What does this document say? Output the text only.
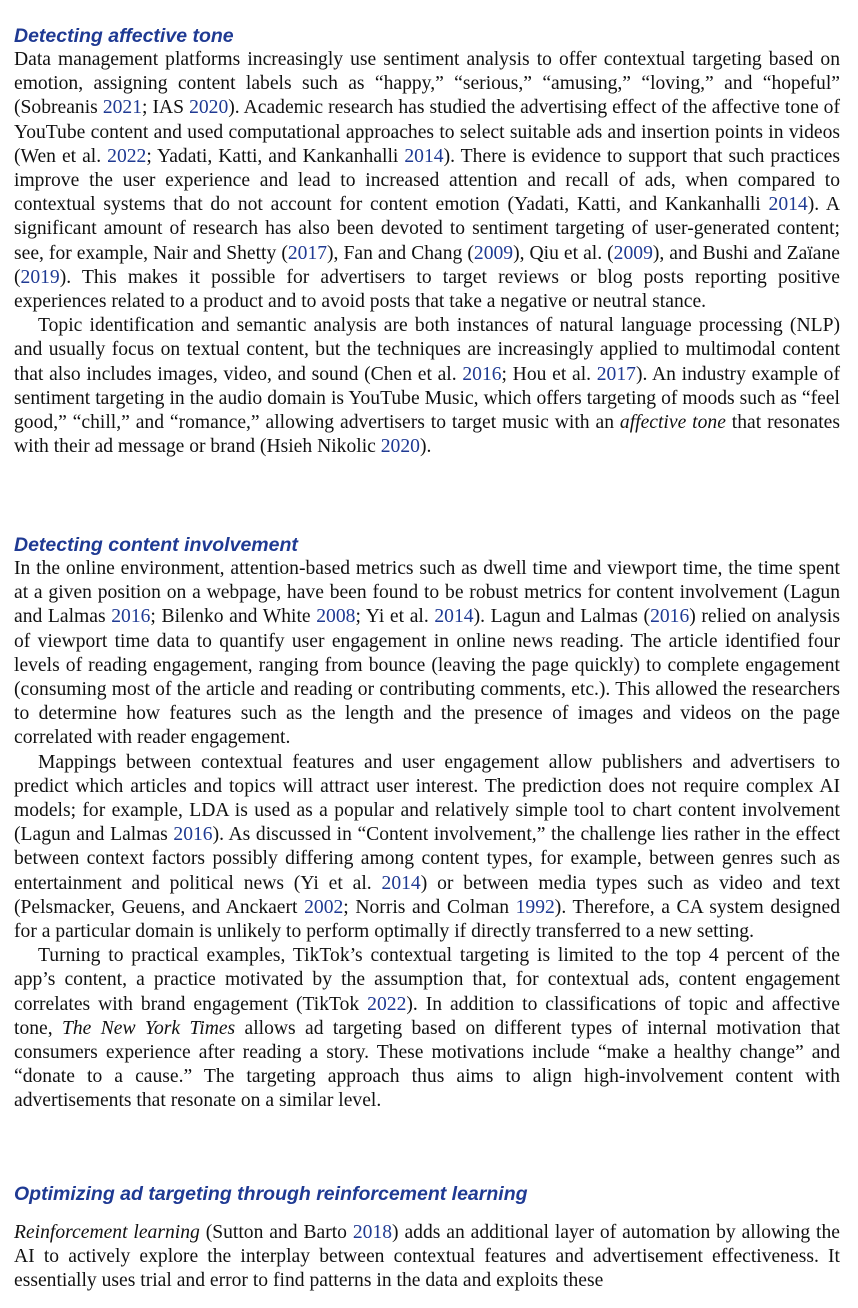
Detecting affective tone

Data management platforms increasingly use sentiment analysis to offer contextual targeting based on emotion, assigning content labels such as “happy,” “serious,” “amusing,” “loving,” and “hopeful” (Sobreanis 2021; IAS 2020). Academic research has studied the advertising effect of the affective tone of YouTube content and used computational approaches to select suitable ads and insertion points in videos (Wen et al. 2022; Yadati, Katti, and Kankanhalli 2014). There is evidence to support that such practices improve the user experience and lead to increased attention and recall of ads, when compared to contextual systems that do not account for content emotion (Yadati, Katti, and Kankanhalli 2014). A significant amount of research has also been devoted to sentiment targeting of user-generated content; see, for example, Nair and Shetty (2017), Fan and Chang (2009), Qiu et al. (2009), and Bushi and Zaïane (2019). This makes it possible for advertisers to target reviews or blog posts reporting positive experiences related to a product and to avoid posts that take a negative or neutral stance.

Topic identification and semantic analysis are both instances of natural language processing (NLP) and usually focus on textual content, but the techniques are increasingly applied to multimodal content that also includes images, video, and sound (Chen et al. 2016; Hou et al. 2017). An industry example of sentiment targeting in the audio domain is YouTube Music, which offers targeting of moods such as “feel good,” “chill,” and “romance,” allowing advertisers to target music with an affective tone that resonates with their ad message or brand (Hsieh Nikolic 2020).

Detecting content involvement

In the online environment, attention-based metrics such as dwell time and viewport time, the time spent at a given position on a webpage, have been found to be robust metrics for content involvement (Lagun and Lalmas 2016; Bilenko and White 2008; Yi et al. 2014). Lagun and Lalmas (2016) relied on analysis of viewport time data to quantify user engagement in online news reading. The article identified four levels of reading engagement, ranging from bounce (leaving the page quickly) to complete engagement (consuming most of the article and reading or contributing comments, etc.). This allowed the researchers to determine how features such as the length and the presence of images and videos on the page correlated with reader engagement.

Mappings between contextual features and user engagement allow publishers and advertisers to predict which articles and topics will attract user interest. The prediction does not require complex AI models; for example, LDA is used as a popular and relatively simple tool to chart content involvement (Lagun and Lalmas 2016). As discussed in “Content involvement,” the challenge lies rather in the effect between context factors possibly differing among content types, for example, between genres such as entertainment and political news (Yi et al. 2014) or between media types such as video and text (Pelsmacker, Geuens, and Anckaert 2002; Norris and Colman 1992). Therefore, a CA system designed for a particular domain is unlikely to perform optimally if directly transferred to a new setting.

Turning to practical examples, TikTok’s contextual targeting is limited to the top 4 percent of the app’s content, a practice motivated by the assumption that, for contextual ads, content engagement correlates with brand engagement (TikTok 2022). In addition to classifications of topic and affective tone, The New York Times allows ad targeting based on different types of internal motivation that consumers experience after reading a story. These motivations include “make a healthy change” and “donate to a cause.” The targeting approach thus aims to align high-involvement content with advertisements that resonate on a similar level.

Optimizing ad targeting through reinforcement learning

Reinforcement learning (Sutton and Barto 2018) adds an additional layer of automation by allowing the AI to actively explore the interplay between contextual features and advertisement effectiveness. It essentially uses trial and error to find patterns in the data and exploits these
